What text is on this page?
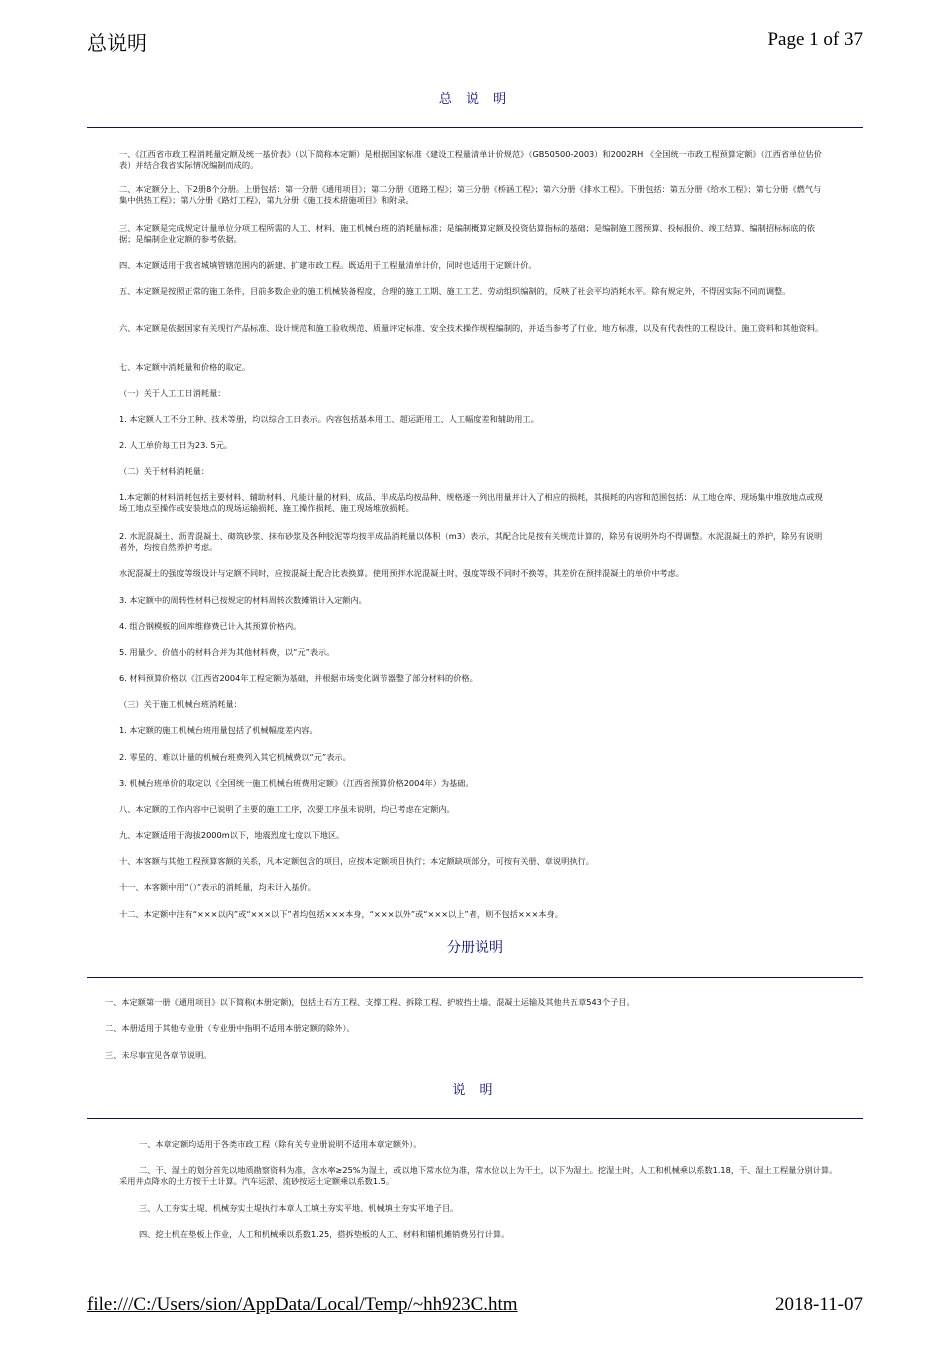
总说明	Page 1 of 37
总 说 明

一、《江西省市政工程消耗量定额及统一基价表》（以下简称本定额）是根据国家标准《建设工程量清单计价规范》（GB50500-2003）和2002RH 《全国统一市政工程预算定额》（江西省单位估价表）并结合我省实际情况编制而成的。

二、本定额分上、下2册8个分册。上册包括：第一分册《通用项目》；第二分册《道路工程》；第三分册《桥涵工程》；第六分册《排水工程》。下册包括：第五分册《给水工程》；第七分册《燃气与集中供热工程》；第八分册《路灯工程》，第九分册《施工技术措施项目》和附录。

三、本定额是完成规定计量单位分项工程所需的人工、材料、施工机械台班的消耗量标准；是编制概算定额及投资估算指标的基础；是编制施工图预算、投标报价、竣工结算、编制招标标底的依据；是编制企业定额的参考依据。

四、本定额适用于我省城填管辖范围内的新建、扩建市政工程。既适用于工程量清单计价，同时也适用于定额计价。

五、本定额是按照正常的施工条件，目前多数企业的施工机械装备程度，合理的施工工期、施工工艺、劳动组织编制的，反映了社会平均消耗水平。除有规定外，不得因实际不同而调整。

六、本定额是依据国家有关现行产品标准、设计规范和施工验收规范、质量评定标准、安全技术操作规程编制的，并适当参考了行业、地方标准，以及有代表性的工程设计、施工资料和其他资料。

七、本定额中消耗量和价格的取定。

（一）关于人工工日消耗量：

1. 本定额人工不分工种、技术等册，均以综合工日表示。内容包括基本用工、超运距用工、人工幅度差和辅助用工。

2. 人工单价每工日为23. 5元。

（二）关于材料消耗量：

1.本定额的材料消耗包括主要材料、辅助材料、凡能计量的材料、成品、半成品均按品种、规格逐一列出用量并计入了相应的损耗，其损耗的内容和范围包括：从工地仓库、现场集中堆放地点或现场工地点至操作或安装地点的现场运输损耗、施工操作损耗、施工现场堆放损耗。

2. 水泥混凝土、沥青混凝土、砌筑砂浆、抹布砂浆及各种胶泥等均按半成品消耗量以体积（m3）表示，其配合比是按有关规范计算的，除另有说明外均不得调整。水泥混凝土的养护，除另有说明者外，均按自然养护考虑。

水泥混凝土的强度等级设计与定额不同时，应按混凝土配合比表换算。使用预拌水泥混凝土时，强度等级不同时不换等，其差价在预拌混凝土的单价中考虑。

3. 本定额中的周转性材料已按规定的材料周转次数摊销计入定额内。

4. 组合钢模板的回库维修费已计入其预算价格内。

5. 用量少、价值小的材料合并为其他材料费，以“元”表示。

6. 材料预算价格以《江西省2004年工程定额为基础，并根据市场变化调节器整了部分材料的价格。

（三）关于施工机械台班消耗量：

1. 本定额的施工机械台班用量包括了机械幅度差内容。

2. 零星的、难以计量的机械台班费列入其它机械费以“元”表示。

3. 机械台班单价的取定以《全国统一施工机械台班费用定额》（江西省预算价格2004年）为基础。

八、本定额的工作内容中已说明了主要的施工工序，次要工序虽未说明，均已考虑在定额内。

九、本定额适用于海拔2000m以下，地震烈度七度以下地区。

十、本客额与其他工程预算客额的关系，凡本定额包含的项目，应按本定额项目执行；本定额缺项部分，可按有关册、章说明执行。

十一、本客额中用“（）”表示的消耗量，均未计入基价。

十二、本定额中注有“×××以内”或“×××以下”者均包括×××本身，“×××以外”或“×××以上”者，则不包括×××本身。

分册说明

一、本定额第一册《通用项目》以下简称(本册定额)，包括土石方工程、支撑工程、拆除工程、护坡挡土墙、混凝土运输及其他共五章543个子目。

二、本册适用于其他专业册（专业册中指明不适用本册定额的除外）。

三、未尽事宜见各章节说明。

说 明

一、本章定额均适用于各类市政工程（除有关专业册说明不适用本章定额外）。

二、干、湿土的划分首先以地质勘察资料为准，含水率≥25%为湿土，或以地下常水位为准，常水位以上为干土，以下为湿土。挖湿土时，人工和机械乘以系数1.18，干、湿土工程量分别计算。采用井点降水的土方按干土计算。汽车运淤、流砂按运土定额乘以系数1.5。

三、人工夯实土堤、机械夯实土堤执行本章人工填土夯实平地、机械填土夯实平地子目。

四、挖土机在垫板上作业，人工和机械乘以系数1.25，搭拆垫板的人工、材料和辅机摊销费另行计算。

file:///C:/Users/sion/AppData/Local/Temp/~hh923C.htm	2018-11-07
